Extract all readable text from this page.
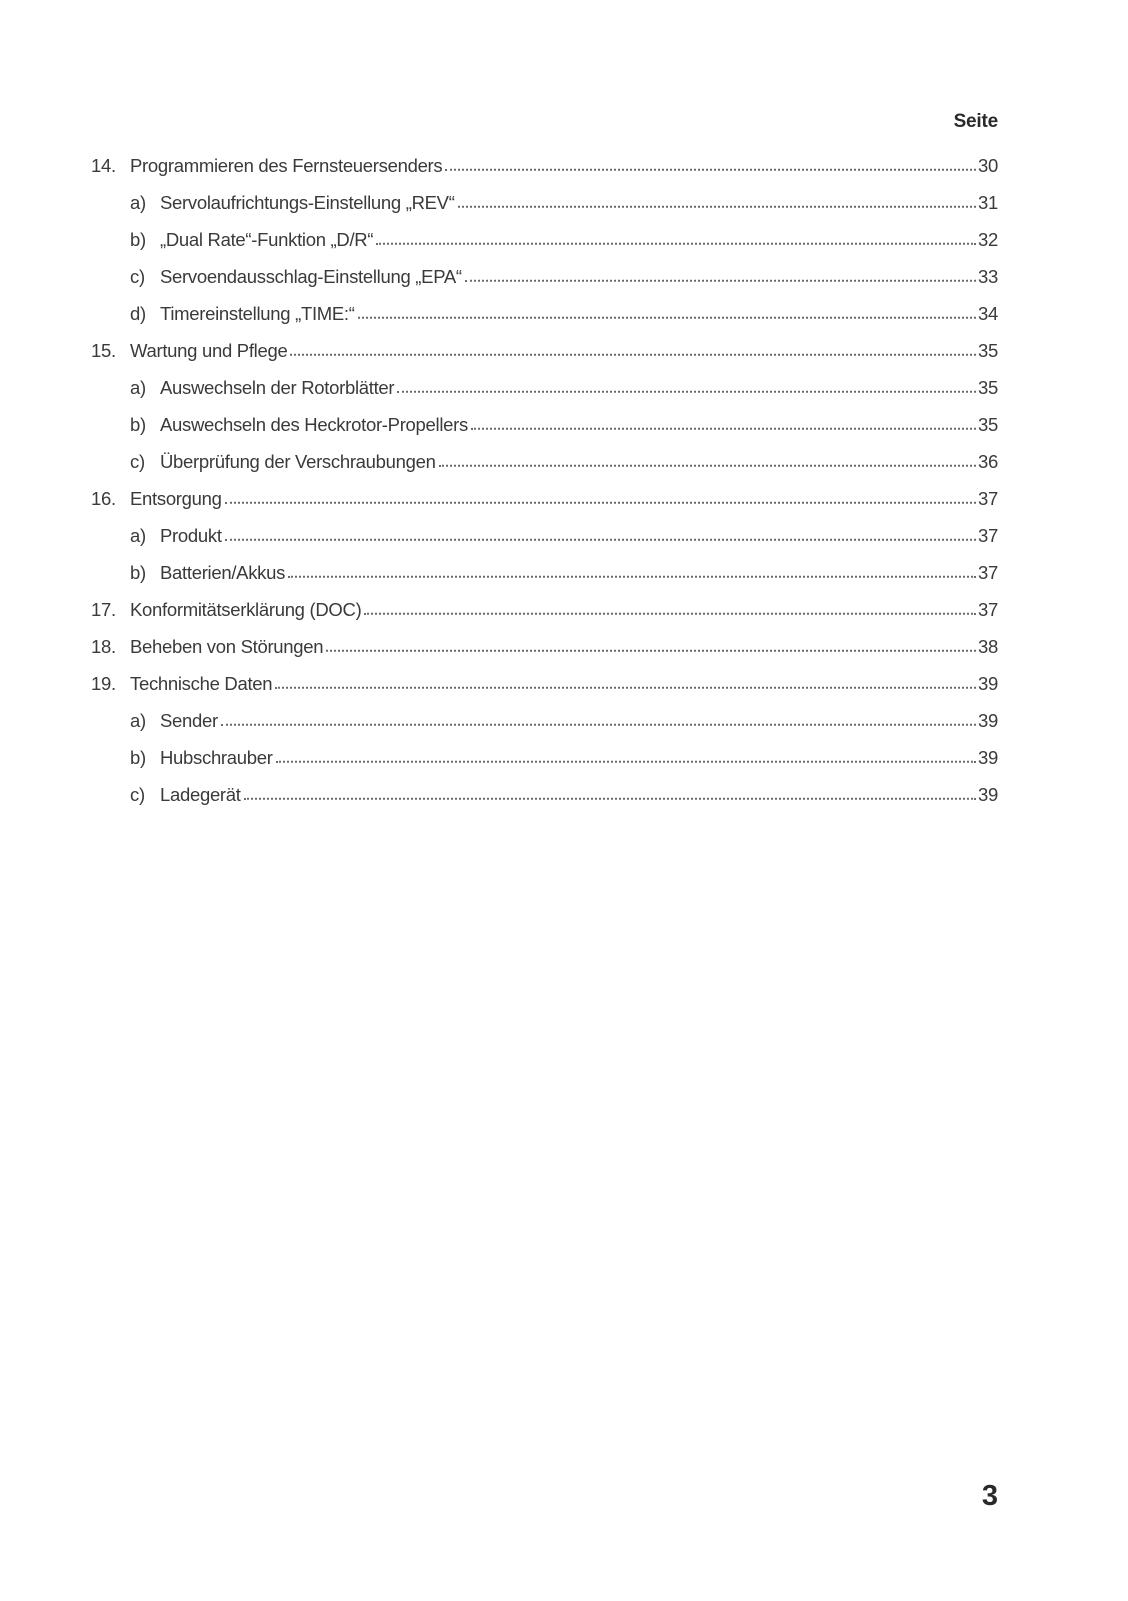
Seite
14. Programmieren des Fernsteuersenders	30
a) Servolaufrichtungs-Einstellung „REV“	31
b) „Dual Rate“-Funktion „D/R“	32
c) Servoendausschlag-Einstellung „EPA“	33
d) Timereinstellung „TIME:“	34
15. Wartung und Pflege	35
a) Auswechseln der Rotorblätter	35
b) Auswechseln des Heckrotor-Propellers	35
c) Überprüfung der Verschraubungen	36
16. Entsorgung	37
a) Produkt	37
b) Batterien/Akkus	37
17. Konformitätserklärung (DOC)	37
18. Beheben von Störungen	38
19. Technische Daten	39
a) Sender	39
b) Hubschrauber	39
c) Ladegerät	39
3
